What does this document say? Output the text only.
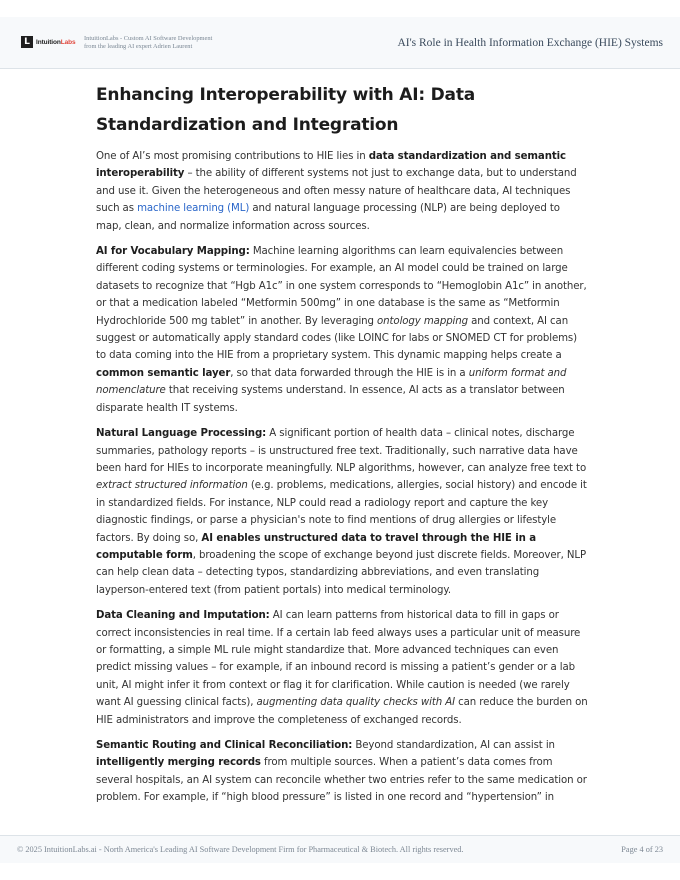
L IntuitionLabs IntuitionLabs - Custom AI Software Development
from the leading AI expert Adrien Laurent	AI's Role in Health Information Exchange (HIE) Systems
Enhancing Interoperability with AI: Data Standardization and Integration

One of AI’s most promising contributions to HIE lies in data standardization and semantic interoperability – the ability of different systems not just to exchange data, but to understand and use it. Given the heterogeneous and often messy nature of healthcare data, AI techniques such as machine learning (ML) and natural language processing (NLP) are being deployed to map, clean, and normalize information across sources.

AI for Vocabulary Mapping: Machine learning algorithms can learn equivalencies between different coding systems or terminologies. For example, an AI model could be trained on large datasets to recognize that “Hgb A1c” in one system corresponds to “Hemoglobin A1c” in another, or that a medication labeled “Metformin 500mg” in one database is the same as “Metformin Hydrochloride 500 mg tablet” in another. By leveraging ontology mapping and context, AI can suggest or automatically apply standard codes (like LOINC for labs or SNOMED CT for problems) to data coming into the HIE from a proprietary system. This dynamic mapping helps create a common semantic layer, so that data forwarded through the HIE is in a uniform format and nomenclature that receiving systems understand. In essence, AI acts as a translator between disparate health IT systems.

Natural Language Processing: A significant portion of health data – clinical notes, discharge summaries, pathology reports – is unstructured free text. Traditionally, such narrative data have been hard for HIEs to incorporate meaningfully. NLP algorithms, however, can analyze free text to extract structured information (e.g. problems, medications, allergies, social history) and encode it in standardized fields. For instance, NLP could read a radiology report and capture the key diagnostic findings, or parse a physician's note to find mentions of drug allergies or lifestyle factors. By doing so, AI enables unstructured data to travel through the HIE in a computable form, broadening the scope of exchange beyond just discrete fields. Moreover, NLP can help clean data – detecting typos, standardizing abbreviations, and even translating layperson-entered text (from patient portals) into medical terminology.

Data Cleaning and Imputation: AI can learn patterns from historical data to fill in gaps or correct inconsistencies in real time. If a certain lab feed always uses a particular unit of measure or formatting, a simple ML rule might standardize that. More advanced techniques can even predict missing values – for example, if an inbound record is missing a patient’s gender or a lab unit, AI might infer it from context or flag it for clarification. While caution is needed (we rarely want AI guessing clinical facts), augmenting data quality checks with AI can reduce the burden on HIE administrators and improve the completeness of exchanged records.

Semantic Routing and Clinical Reconciliation: Beyond standardization, AI can assist in intelligently merging records from multiple sources. When a patient’s data comes from several hospitals, an AI system can reconcile whether two entries refer to the same medication or problem. For example, if “high blood pressure” is listed in one record and “hypertension” in

© 2025 IntuitionLabs.ai - North America's Leading AI Software Development Firm for Pharmaceutical & Biotech. All rights reserved.	Page 4 of 23
